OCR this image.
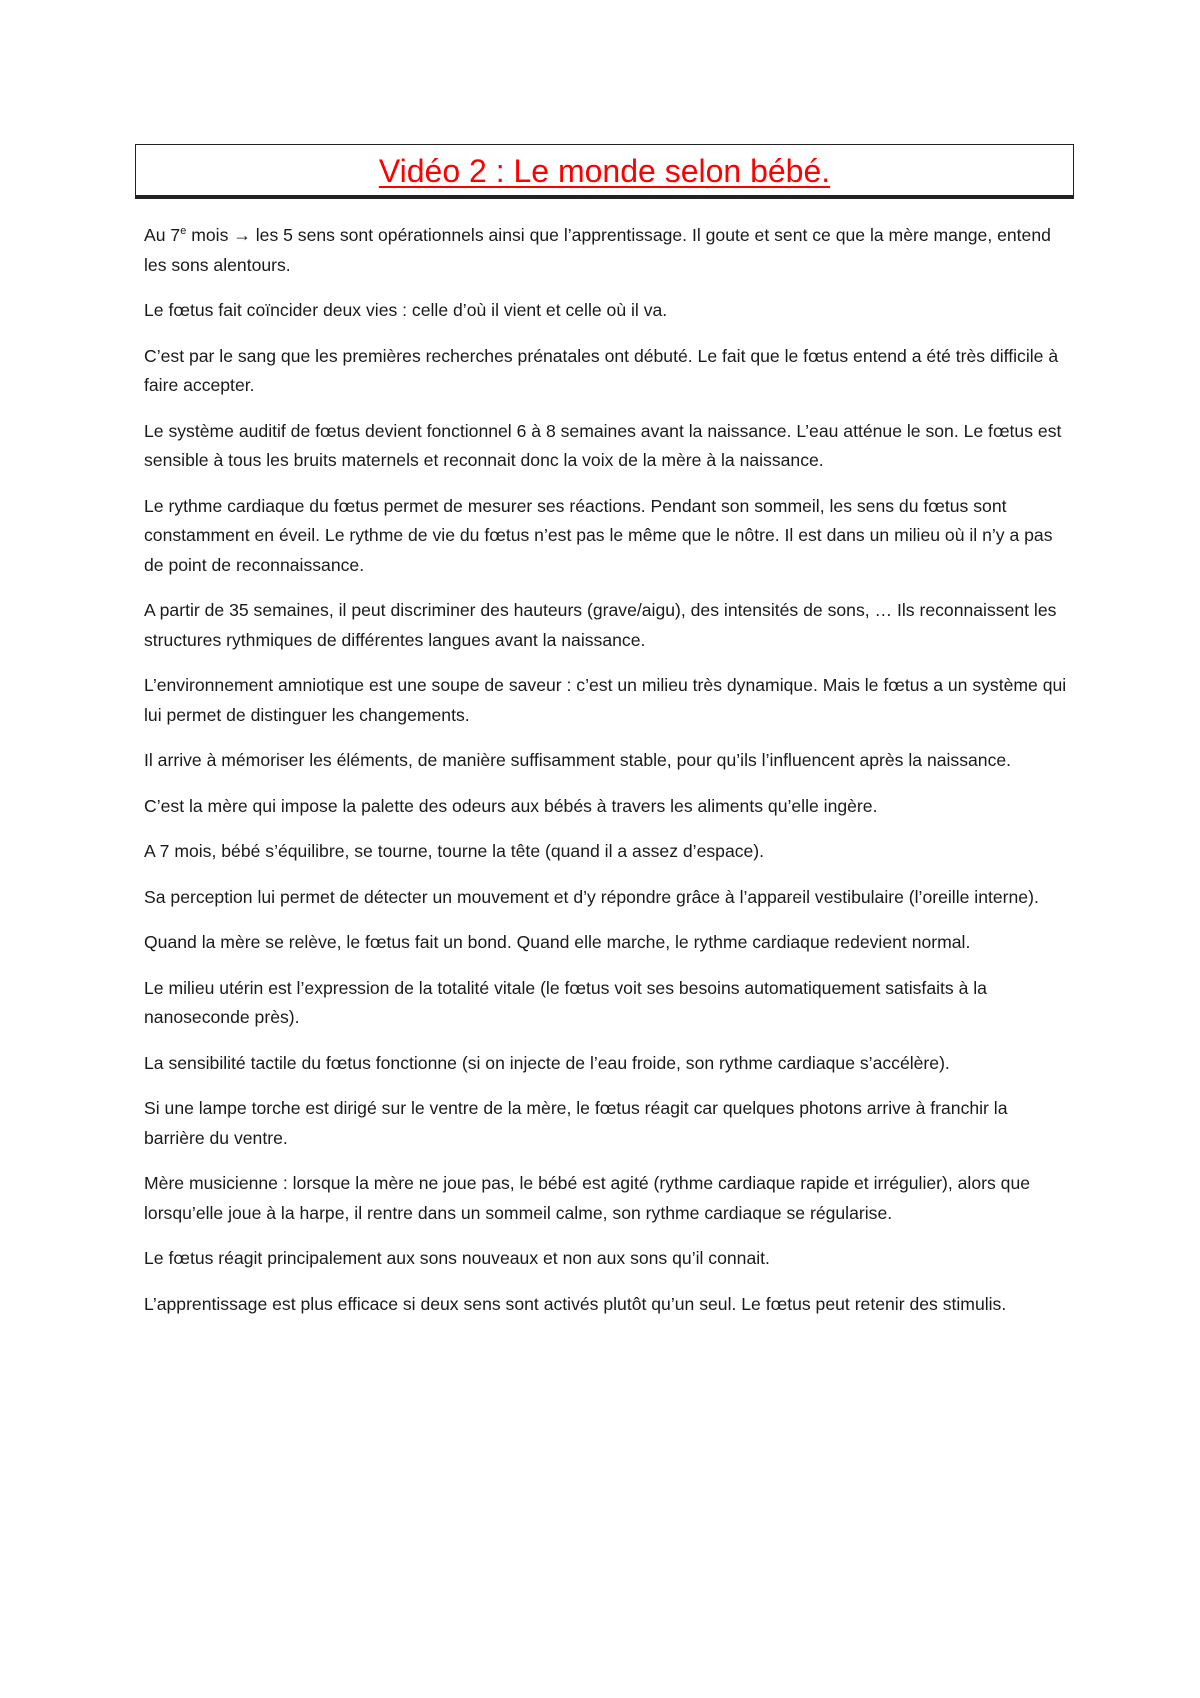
Vidéo 2 : Le monde selon bébé.

Au 7e mois → les 5 sens sont opérationnels ainsi que l’apprentissage. Il goute et sent ce que la mère mange, entend les sons alentours.

Le fœtus fait coïncider deux vies : celle d’où il vient et celle où il va.

C’est par le sang que les premières recherches prénatales ont débuté. Le fait que le fœtus entend a été très difficile à faire accepter.

Le système auditif de fœtus devient fonctionnel 6 à 8 semaines avant la naissance. L’eau atténue le son. Le fœtus est sensible à tous les bruits maternels et reconnait donc la voix de la mère à la naissance.

Le rythme cardiaque du fœtus permet de mesurer ses réactions. Pendant son sommeil, les sens du fœtus sont constamment en éveil. Le rythme de vie du fœtus n’est pas le même que le nôtre. Il est dans un milieu où il n’y a pas de point de reconnaissance.

A partir de 35 semaines, il peut discriminer des hauteurs (grave/aigu), des intensités de sons, … Ils reconnaissent les structures rythmiques de différentes langues avant la naissance.

L’environnement amniotique est une soupe de saveur : c’est un milieu très dynamique. Mais le fœtus a un système qui lui permet de distinguer les changements.

Il arrive à mémoriser les éléments, de manière suffisamment stable, pour qu’ils l’influencent après la naissance.

C’est la mère qui impose la palette des odeurs aux bébés à travers les aliments qu’elle ingère.

A 7 mois, bébé s’équilibre, se tourne, tourne la tête (quand il a assez d’espace).

Sa perception lui permet de détecter un mouvement et d’y répondre grâce à l’appareil vestibulaire (l’oreille interne).

Quand la mère se relève, le fœtus fait un bond. Quand elle marche, le rythme cardiaque redevient normal.

Le milieu utérin est l’expression de la totalité vitale (le fœtus voit ses besoins automatiquement satisfaits à la nanoseconde près).

La sensibilité tactile du fœtus fonctionne (si on injecte de l’eau froide, son rythme cardiaque s’accélère).

Si une lampe torche est dirigé sur le ventre de la mère, le fœtus réagit car quelques photons arrive à franchir la barrière du ventre.

Mère musicienne : lorsque la mère ne joue pas, le bébé est agité (rythme cardiaque rapide et irrégulier), alors que lorsqu’elle joue à la harpe, il rentre dans un sommeil calme, son rythme cardiaque se régularise.

Le fœtus réagit principalement aux sons nouveaux et non aux sons qu’il connait.

L’apprentissage est plus efficace si deux sens sont activés plutôt qu’un seul. Le fœtus peut retenir des stimulis.
